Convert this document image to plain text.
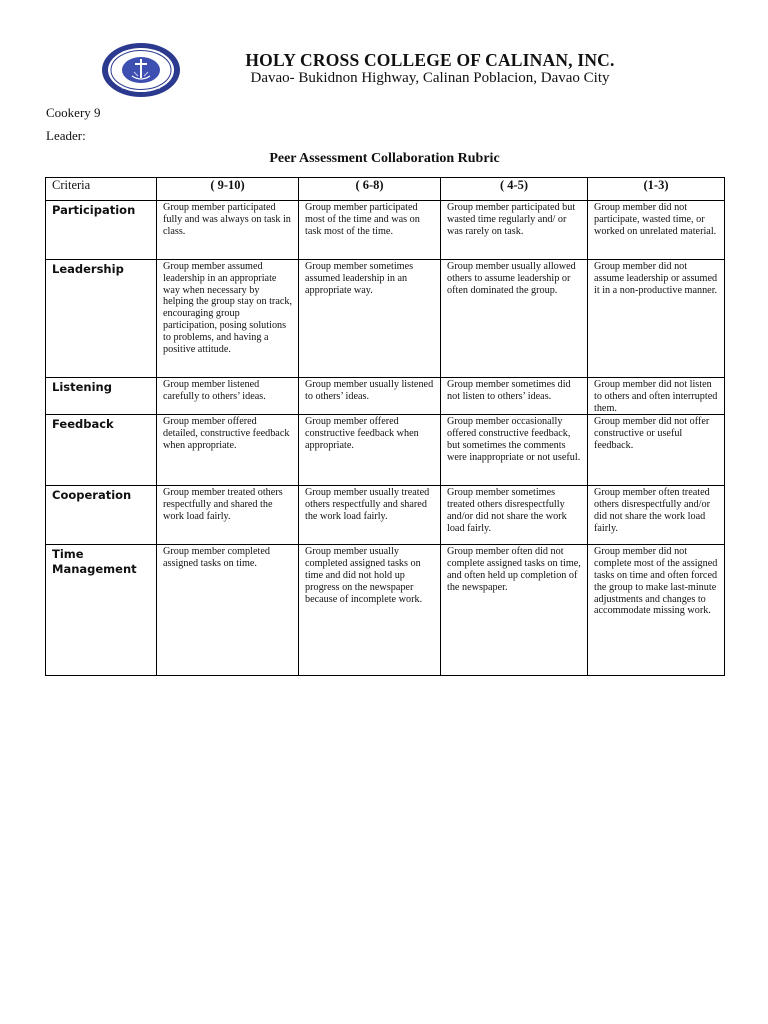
HOLY CROSS COLLEGE OF CALINAN, INC.

Davao- Bukidnon Highway, Calinan Poblacion, Davao City

Cookery 9

Leader:

Peer Assessment Collaboration Rubric

Criteria	( 9-10)	( 6-8)	( 4-5)	(1-3)
Participation	Group member participated fully and was always on task in class.	Group member participated most of the time and was on task most of the time.	Group member participated but wasted time regularly and/ or was rarely on task.	Group member did not participate, wasted time, or worked on unrelated material.
Leadership	Group member assumed leadership in an appropriate way when necessary by helping the group stay on track, encouraging group participation, posing solutions to problems, and having a positive attitude.	Group member sometimes assumed leadership in an appropriate way.	Group member usually allowed others to assume leadership or often dominated the group.	Group member did not assume leadership or assumed it in a non-productive manner.
Listening	Group member listened carefully to others’ ideas.	Group member usually listened to others’ ideas.	Group member sometimes did not listen to others’ ideas.	Group member did not listen to others and often interrupted them.
Feedback	Group member offered detailed, constructive feedback when appropriate.	Group member offered constructive feedback when appropriate.	Group member occasionally offered constructive feedback, but sometimes the comments were inappropriate or not useful.	Group member did not offer constructive or useful feedback.
Cooperation	Group member treated others respectfully and shared the work load fairly.	Group member usually treated others respectfully and shared the work load fairly.	Group member sometimes treated others disrespectfully and/or did not share the work load fairly.	Group member often treated others disrespectfully and/or did not share the work load fairly.
Time Management	Group member completed assigned tasks on time.	Group member usually completed assigned tasks on time and did not hold up progress on the newspaper because of incomplete work.	Group member often did not complete assigned tasks on time, and often held up completion of the newspaper.	Group member did not complete most of the assigned tasks on time and often forced the group to make last-minute adjustments and changes to accommodate missing work.
